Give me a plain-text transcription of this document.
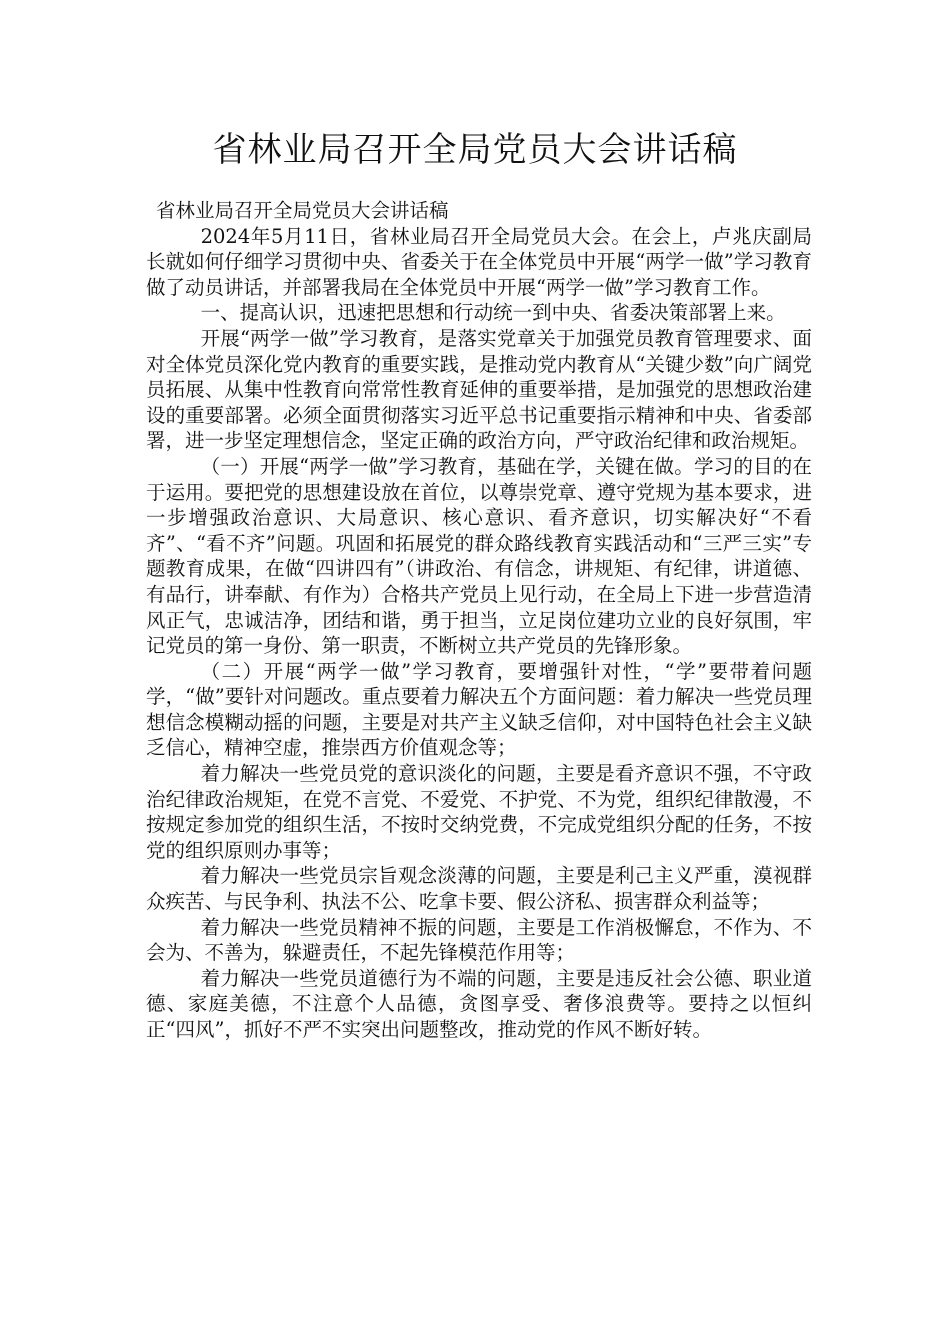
省林业局召开全局党员大会讲话稿

省林业局召开全局党员大会讲话稿

2024年5月11日，省林业局召开全局党员大会。在会上，卢兆庆副局长就如何仔细学习贯彻中央、省委关于在全体党员中开展“两学一做”学习教育做了动员讲话，并部署我局在全体党员中开展“两学一做”学习教育工作。

一、提高认识，迅速把思想和行动统一到中央、省委决策部署上来。

开展“两学一做”学习教育，是落实党章关于加强党员教育管理要求、面对全体党员深化党内教育的重要实践，是推动党内教育从“关键少数”向广阔党员拓展、从集中性教育向常常性教育延伸的重要举措，是加强党的思想政治建设的重要部署。必须全面贯彻落实习近平总书记重要指示精神和中央、省委部署，进一步坚定理想信念，坚定正确的政治方向，严守政治纪律和政治规矩。

（一）开展“两学一做”学习教育，基础在学，关键在做。学习的目的在于运用。要把党的思想建设放在首位，以尊崇党章、遵守党规为基本要求，进一步增强政治意识、大局意识、核心意识、看齐意识，切实解决好“不看齐”、“看不齐”问题。巩固和拓展党的群众路线教育实践活动和“三严三实”专题教育成果，在做“四讲四有”（讲政治、有信念，讲规矩、有纪律，讲道德、有品行，讲奉献、有作为）合格共产党员上见行动，在全局上下进一步营造清风正气，忠诚洁净，团结和谐，勇于担当，立足岗位建功立业的良好氛围，牢记党员的第一身份、第一职责，不断树立共产党员的先锋形象。

（二）开展“两学一做”学习教育，要增强针对性，“学”要带着问题学，“做”要针对问题改。重点要着力解决五个方面问题：着力解决一些党员理想信念模糊动摇的问题，主要是对共产主义缺乏信仰，对中国特色社会主义缺乏信心，精神空虚，推崇西方价值观念等；

着力解决一些党员党的意识淡化的问题，主要是看齐意识不强，不守政治纪律政治规矩，在党不言党、不爱党、不护党、不为党，组织纪律散漫，不按规定参加党的组织生活，不按时交纳党费，不完成党组织分配的任务，不按党的组织原则办事等；

着力解决一些党员宗旨观念淡薄的问题，主要是利己主义严重，漠视群众疾苦、与民争利、执法不公、吃拿卡要、假公济私、损害群众利益等；

着力解决一些党员精神不振的问题，主要是工作消极懈怠，不作为、不会为、不善为，躲避责任，不起先锋模范作用等；

着力解决一些党员道德行为不端的问题，主要是违反社会公德、职业道德、家庭美德，不注意个人品德，贪图享受、奢侈浪费等。要持之以恒纠正“四风”，抓好不严不实突出问题整改，推动党的作风不断好转。
